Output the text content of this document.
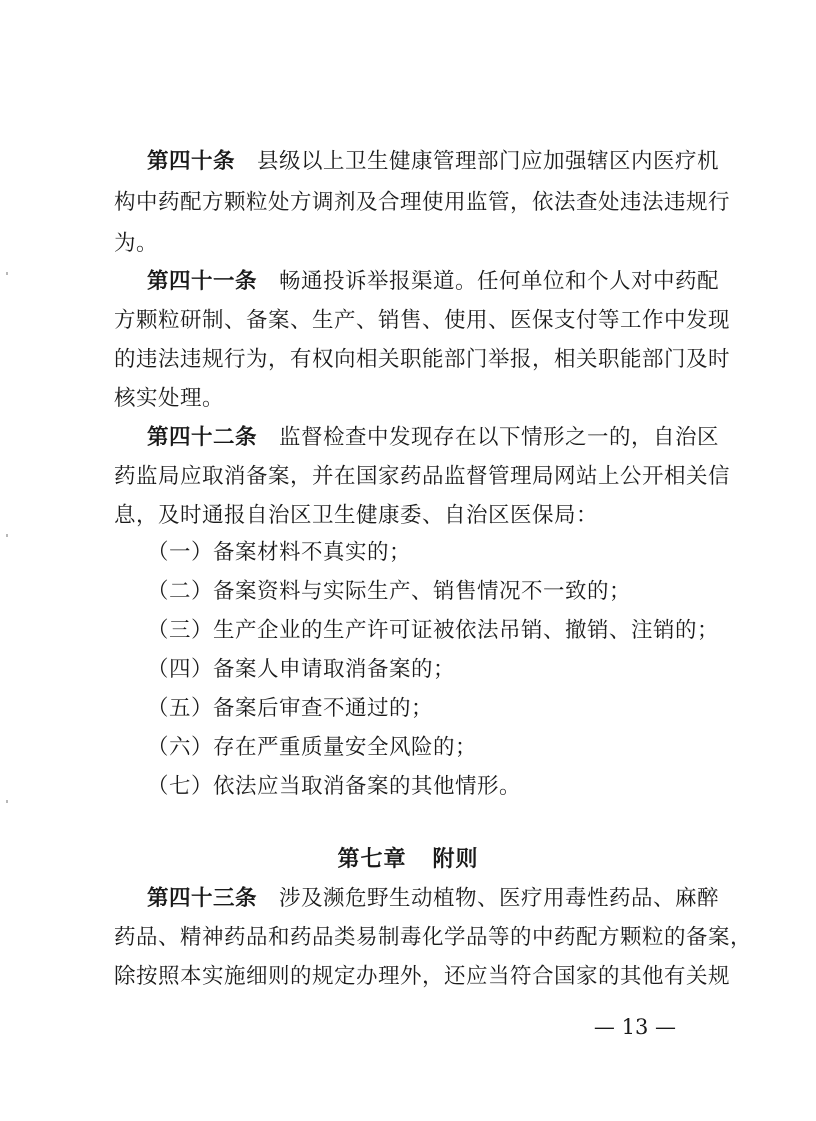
第四十条 县级以上卫生健康管理部门应加强辖区内医疗机
构中药配方颗粒处方调剂及合理使用监管，依法查处违法违规行
为。
第四十一条 畅通投诉举报渠道。任何单位和个人对中药配
方颗粒研制、备案、生产、销售、使用、医保支付等工作中发现
的违法违规行为，有权向相关职能部门举报，相关职能部门及时
核实处理。
第四十二条 监督检查中发现存在以下情形之一的，自治区
药监局应取消备案，并在国家药品监督管理局网站上公开相关信
息，及时通报自治区卫生健康委、自治区医保局：
（一）备案材料不真实的；
（二）备案资料与实际生产、销售情况不一致的；
（三）生产企业的生产许可证被依法吊销、撤销、注销的；
（四）备案人申请取消备案的；
（五）备案后审查不通过的；
（六）存在严重质量安全风险的；
（七）依法应当取消备案的其他情形。
第七章 附则
第四十三条 涉及濒危野生动植物、医疗用毒性药品、麻醉
药品、精神药品和药品类易制毒化学品等的中药配方颗粒的备案，
除按照本实施细则的规定办理外，还应当符合国家的其他有关规
— 13 —
